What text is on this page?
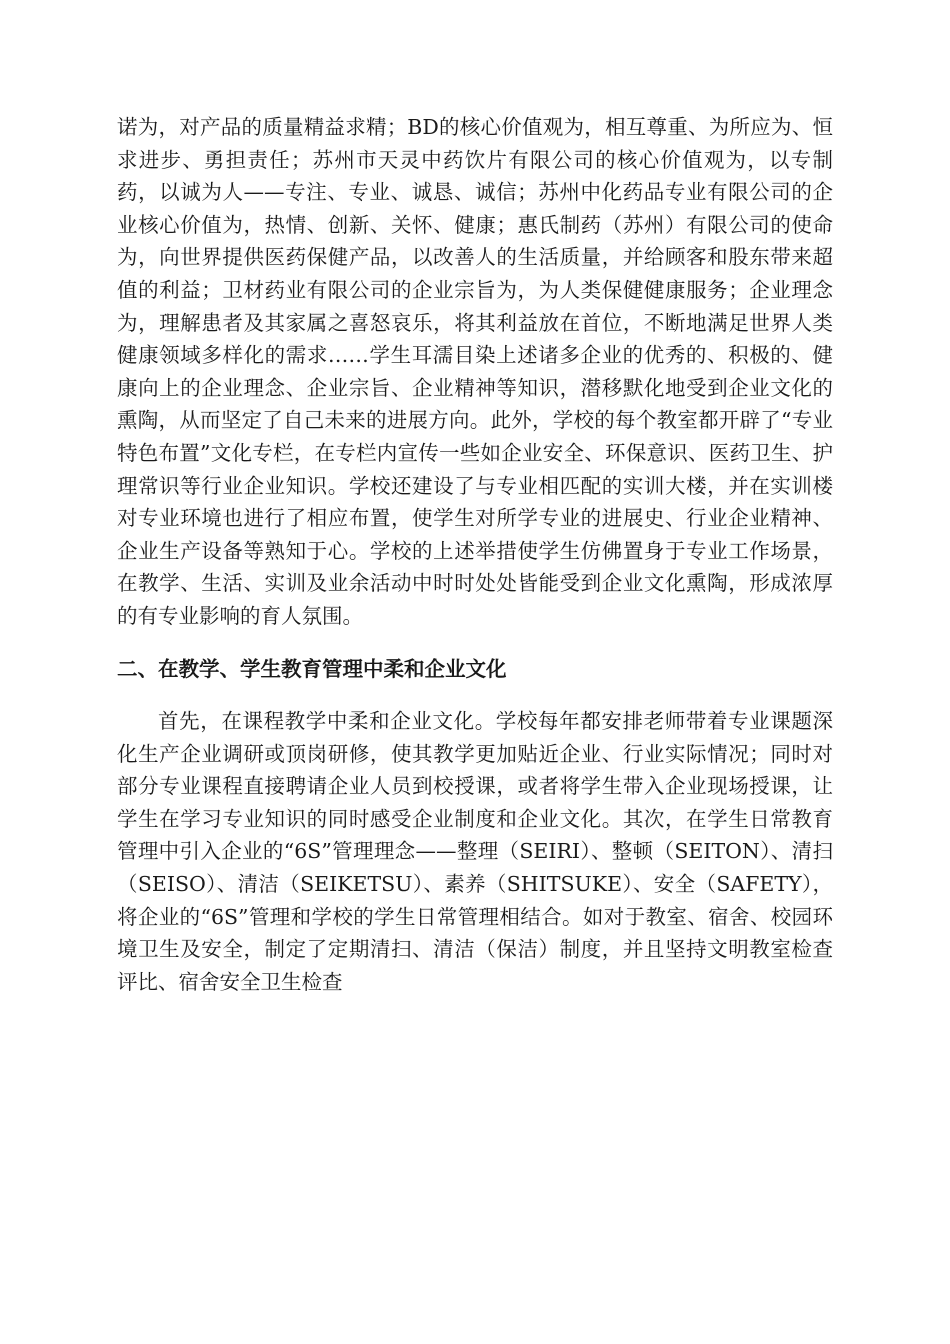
诺为，对产品的质量精益求精；BD的核心价值观为，相互尊重、为所应为、恒求进步、勇担责任；苏州市天灵中药饮片有限公司的核心价值观为，以专制药，以诚为人——专注、专业、诚恳、诚信；苏州中化药品专业有限公司的企业核心价值为，热情、创新、关怀、健康；惠氏制药（苏州）有限公司的使命为，向世界提供医药保健产品，以改善人的生活质量，并给顾客和股东带来超值的利益；卫材药业有限公司的企业宗旨为，为人类保健健康服务；企业理念为，理解患者及其家属之喜怒哀乐，将其利益放在首位，不断地满足世界人类健康领域多样化的需求……学生耳濡目染上述诸多企业的优秀的、积极的、健康向上的企业理念、企业宗旨、企业精神等知识，潜移默化地受到企业文化的熏陶，从而坚定了自己未来的进展方向。此外，学校的每个教室都开辟了“专业特色布置”文化专栏，在专栏内宣传一些如企业安全、环保意识、医药卫生、护理常识等行业企业知识。学校还建设了与专业相匹配的实训大楼，并在实训楼对专业环境也进行了相应布置，使学生对所学专业的进展史、行业企业精神、企业生产设备等熟知于心。学校的上述举措使学生仿佛置身于专业工作场景，在教学、生活、实训及业余活动中时时处处皆能受到企业文化熏陶，形成浓厚的有专业影响的育人氛围。

二、在教学、学生教育管理中柔和企业文化

首先，在课程教学中柔和企业文化。学校每年都安排老师带着专业课题深化生产企业调研或顶岗研修，使其教学更加贴近企业、行业实际情况；同时对部分专业课程直接聘请企业人员到校授课，或者将学生带入企业现场授课，让学生在学习专业知识的同时感受企业制度和企业文化。其次，在学生日常教育管理中引入企业的“6S”管理理念——整理（SEIRI）、整顿（SEITON）、清扫（SEISO）、清洁（SEIKETSU）、素养（SHITSUKE）、安全（SAFETY），将企业的“6S”管理和学校的学生日常管理相结合。如对于教室、宿舍、校园环境卫生及安全，制定了定期清扫、清洁（保洁）制度，并且坚持文明教室检查评比、宿舍安全卫生检查
